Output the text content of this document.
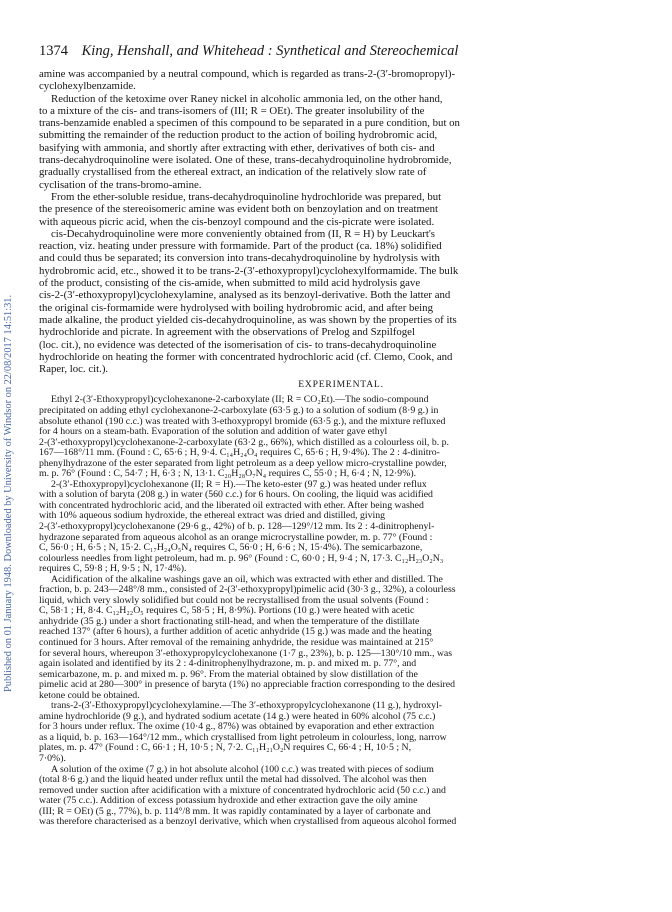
Published on 01 January 1948. Downloaded by University of Windsor on 22/08/2017 14:51:31.
1374 King, Henshall, and Whitehead : Synthetical and Stereochemical
amine was accompanied by a neutral compound, which is regarded as trans-2-(3′-bromopropyl)-
cyclohexylbenzamide.
Reduction of the ketoxime over Raney nickel in alcoholic ammonia led, on the other hand,
to a mixture of the cis- and trans-isomers of (III; R = OEt). The greater insolubility of the
trans-benzamide enabled a specimen of this compound to be separated in a pure condition, but on
submitting the remainder of the reduction product to the action of boiling hydrobromic acid,
basifying with ammonia, and shortly after extracting with ether, derivatives of both cis- and
trans-decahydroquinoline were isolated. One of these, trans-decahydroquinoline hydrobromide,
gradually crystallised from the ethereal extract, an indication of the relatively slow rate of
cyclisation of the trans-bromo-amine.
From the ether-soluble residue, trans-decahydroquinoline hydrochloride was prepared, but
the presence of the stereoisomeric amine was evident both on benzoylation and on treatment
with aqueous picric acid, when the cis-benzoyl compound and the cis-picrate were isolated.
cis-Decahydroquinoline were more conveniently obtained from (II, R = H) by Leuckart's
reaction, viz. heating under pressure with formamide. Part of the product (ca. 18%) solidified
and could thus be separated; its conversion into trans-decahydroquinoline by hydrolysis with
hydrobromic acid, etc., showed it to be trans-2-(3′-ethoxypropyl)cyclohexylformamide. The bulk
of the product, consisting of the cis-amide, when submitted to mild acid hydrolysis gave
cis-2-(3′-ethoxypropyl)cyclohexylamine, analysed as its benzoyl-derivative. Both the latter and
the original cis-formamide were hydrolysed with boiling hydrobromic acid, and after being
made alkaline, the product yielded cis-decahydroquinoline, as was shown by the properties of its
hydrochloride and picrate. In agreement with the observations of Prelog and Szpilfogel
(loc. cit.), no evidence was detected of the isomerisation of cis- to trans-decahydroquinoline
hydrochloride on heating the former with concentrated hydrochloric acid (cf. Clemo, Cook, and
Raper, loc. cit.).
EXPERIMENTAL.
Ethyl 2-(3′-Ethoxypropyl)cyclohexanone-2-carboxylate (II; R = CO₂Et).—The sodio-compound
precipitated on adding ethyl cyclohexanone-2-carboxylate (63·5 g.) to a solution of sodium (8·9 g.) in
absolute ethanol (190 c.c.) was treated with 3-ethoxypropyl bromide (63·5 g.), and the mixture refluxed
for 4 hours on a steam-bath. Evaporation of the solution and addition of water gave ethyl
2-(3′-ethoxypropyl)cyclohexanone-2-carboxylate (63·2 g., 66%), which distilled as a colourless oil, b. p.
167—168°/11 mm. (Found : C, 65·6 ; H, 9·4. C₁₄H₂₄O₄ requires C, 65·6 ; H, 9·4%). The 2 : 4-dinitro-
phenylhydrazone of the ester separated from light petroleum as a deep yellow micro-crystalline powder,
m. p. 76° (Found : C, 54·7 ; H, 6·3 ; N, 13·1. C₂₀H₂₈O₇N₄ requires C, 55·0 ; H, 6·4 ; N, 12·9%).
2-(3′-Ethoxypropyl)cyclohexanone (II; R = H).—The keto-ester (97 g.) was heated under reflux
with a solution of baryta (208 g.) in water (560 c.c.) for 6 hours. On cooling, the liquid was acidified
with concentrated hydrochloric acid, and the liberated oil extracted with ether. After being washed
with 10% aqueous sodium hydroxide, the ethereal extract was dried and distilled, giving
2-(3′-ethoxypropyl)cyclohexanone (29·6 g., 42%) of b. p. 128—129°/12 mm. Its 2 : 4-dinitrophenyl-
hydrazone separated from aqueous alcohol as an orange microcrystalline powder, m. p. 77° (Found :
C, 56·0 ; H, 6·5 ; N, 15·2. C₁₇H₂₄O₅N₄ requires C, 56·0 ; H, 6·6 ; N, 15·4%). The semicarbazone,
colourless needles from light petroleum, had m. p. 96° (Found : C, 60·0 ; H, 9·4 ; N, 17·3. C₁₂H₂₃O₂N₃
requires C, 59·8 ; H, 9·5 ; N, 17·4%).
Acidification of the alkaline washings gave an oil, which was extracted with ether and distilled. The
fraction, b. p. 243—248°/8 mm., consisted of 2-(3′-ethoxypropyl)pimelic acid (30·3 g., 32%), a colourless
liquid, which very slowly solidified but could not be recrystallised from the usual solvents (Found :
C, 58·1 ; H, 8·4. C₁₂H₂₂O₅ requires C, 58·5 ; H, 8·9%). Portions (10 g.) were heated with acetic
anhydride (35 g.) under a short fractionating still-head, and when the temperature of the distillate
reached 137° (after 6 hours), a further addition of acetic anhydride (15 g.) was made and the heating
continued for 3 hours. After removal of the remaining anhydride, the residue was maintained at 215°
for several hours, whereupon 3′-ethoxypropylcyclohexanone (1·7 g., 23%), b. p. 125—130°/10 mm., was
again isolated and identified by its 2 : 4-dinitrophenylhydrazone, m. p. and mixed m. p. 77°, and
semicarbazone, m. p. and mixed m. p. 96°. From the material obtained by slow distillation of the
pimelic acid at 280—300° in presence of baryta (1%) no appreciable fraction corresponding to the desired
ketone could be obtained.
trans-2-(3′-Ethoxypropyl)cyclohexylamine.—The 3′-ethoxypropylcyclohexanone (11 g.), hydroxyl-
amine hydrochloride (9 g.), and hydrated sodium acetate (14 g.) were heated in 60% alcohol (75 c.c.)
for 3 hours under reflux. The oxime (10·4 g., 87%) was obtained by evaporation and ether extraction
as a liquid, b. p. 163—164°/12 mm., which crystallised from light petroleum in colourless, long, narrow
plates, m. p. 47° (Found : C, 66·1 ; H, 10·5 ; N, 7·2. C₁₁H₂₁O₂N requires C, 66·4 ; H, 10·5 ; N,
7·0%).
A solution of the oxime (7 g.) in hot absolute alcohol (100 c.c.) was treated with pieces of sodium
(total 8·6 g.) and the liquid heated under reflux until the metal had dissolved. The alcohol was then
removed under suction after acidification with a mixture of concentrated hydrochloric acid (50 c.c.) and
water (75 c.c.). Addition of excess potassium hydroxide and ether extraction gave the oily amine
(III; R = OEt) (5 g., 77%), b. p. 114°/8 mm. It was rapidly contaminated by a layer of carbonate and
was therefore characterised as a benzoyl derivative, which when crystallised from aqueous alcohol formed
